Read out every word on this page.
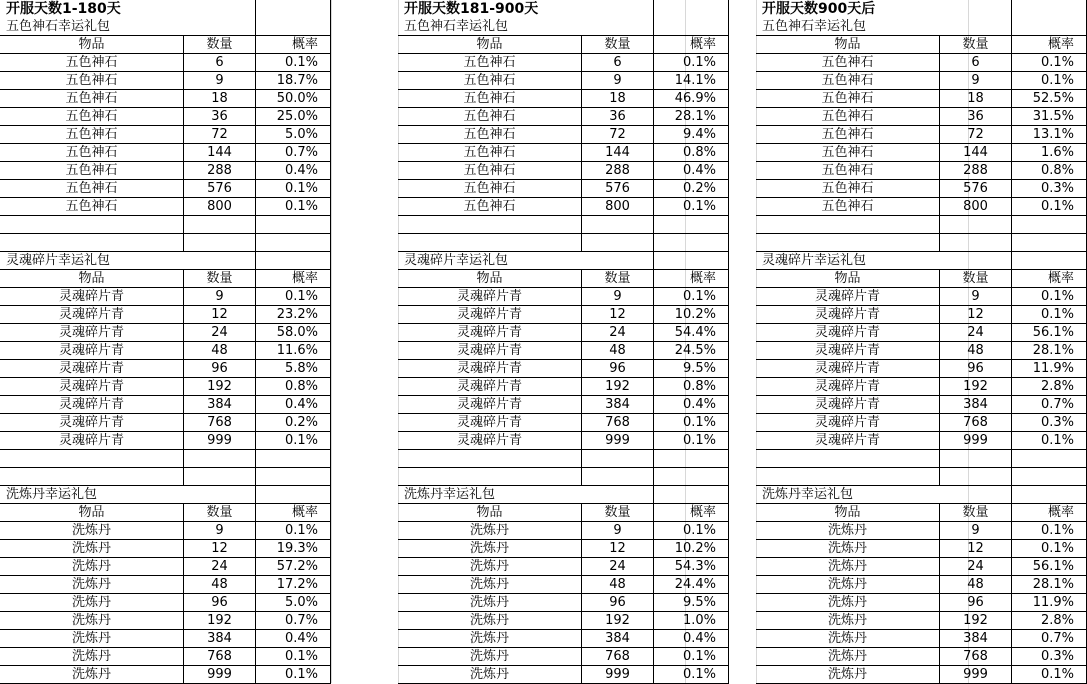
开服天数1-180天
五色神石幸运礼包
物品	数量	概率
五色神石	6	0.1%
五色神石	9	18.7%
五色神石	18	50.0%
五色神石	36	25.0%
五色神石	72	5.0%
五色神石	144	0.7%
五色神石	288	0.4%
五色神石	576	0.1%
五色神石	800	0.1%
灵魂碎片幸运礼包
物品	数量	概率
灵魂碎片青	9	0.1%
灵魂碎片青	12	23.2%
灵魂碎片青	24	58.0%
灵魂碎片青	48	11.6%
灵魂碎片青	96	5.8%
灵魂碎片青	192	0.8%
灵魂碎片青	384	0.4%
灵魂碎片青	768	0.2%
灵魂碎片青	999	0.1%
洗炼丹幸运礼包
物品	数量	概率
洗炼丹	9	0.1%
洗炼丹	12	19.3%
洗炼丹	24	57.2%
洗炼丹	48	17.2%
洗炼丹	96	5.0%
洗炼丹	192	0.7%
洗炼丹	384	0.4%
洗炼丹	768	0.1%
洗炼丹	999	0.1%
开服天数181-900天
五色神石幸运礼包
物品	数量	概率
五色神石	6	0.1%
五色神石	9	14.1%
五色神石	18	46.9%
五色神石	36	28.1%
五色神石	72	9.4%
五色神石	144	0.8%
五色神石	288	0.4%
五色神石	576	0.2%
五色神石	800	0.1%
灵魂碎片幸运礼包
物品	数量	概率
灵魂碎片青	9	0.1%
灵魂碎片青	12	10.2%
灵魂碎片青	24	54.4%
灵魂碎片青	48	24.5%
灵魂碎片青	96	9.5%
灵魂碎片青	192	0.8%
灵魂碎片青	384	0.4%
灵魂碎片青	768	0.1%
灵魂碎片青	999	0.1%
洗炼丹幸运礼包
物品	数量	概率
洗炼丹	9	0.1%
洗炼丹	12	10.2%
洗炼丹	24	54.3%
洗炼丹	48	24.4%
洗炼丹	96	9.5%
洗炼丹	192	1.0%
洗炼丹	384	0.4%
洗炼丹	768	0.1%
洗炼丹	999	0.1%
开服天数900天后
五色神石幸运礼包
物品	数量	概率
五色神石	6	0.1%
五色神石	9	0.1%
五色神石	18	52.5%
五色神石	36	31.5%
五色神石	72	13.1%
五色神石	144	1.6%
五色神石	288	0.8%
五色神石	576	0.3%
五色神石	800	0.1%
灵魂碎片幸运礼包
物品	数量	概率
灵魂碎片青	9	0.1%
灵魂碎片青	12	0.1%
灵魂碎片青	24	56.1%
灵魂碎片青	48	28.1%
灵魂碎片青	96	11.9%
灵魂碎片青	192	2.8%
灵魂碎片青	384	0.7%
灵魂碎片青	768	0.3%
灵魂碎片青	999	0.1%
洗炼丹幸运礼包
物品	数量	概率
洗炼丹	9	0.1%
洗炼丹	12	0.1%
洗炼丹	24	56.1%
洗炼丹	48	28.1%
洗炼丹	96	11.9%
洗炼丹	192	2.8%
洗炼丹	384	0.7%
洗炼丹	768	0.3%
洗炼丹	999	0.1%
